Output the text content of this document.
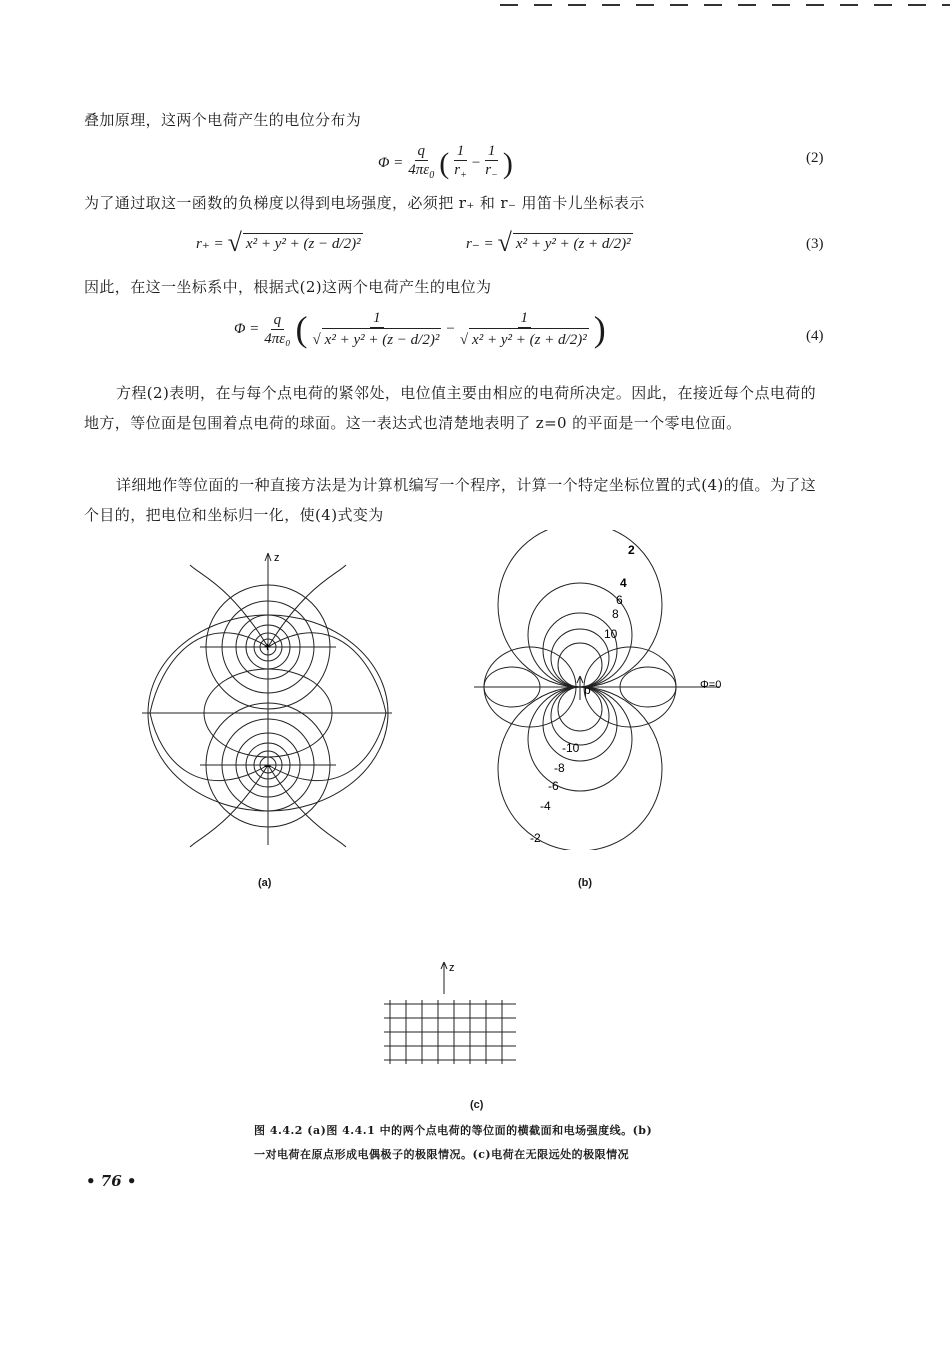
叠加原理，这两个电荷产生的电位分布为
$\Phi = \frac{q}{4\pi\varepsilon_0}$ ( $\frac{1}{r_+} - \frac{1}{r_-}$ )	(2)
为了通过取这一函数的负梯度以得到电场强度，必须把 r₊ 和 r₋ 用笛卡儿坐标表示
r₊ = √ x² + y² + (z − d/2)²	r₋ = √ x² + y² + (z + d/2)²	(3)
因此，在这一坐标系中，根据式(2)这两个电荷产生的电位为
$\Phi = \frac{q}{\text{4πε₀}}$ ( $\frac{1}{\text{√ x² + y² + (z − d/2)²}} - \frac{1}{\text{√ x² + y² + (z + d/2)²}}$ )	(4)
方程(2)表明，在与每个点电荷的紧邻处，电位值主要由相应的电荷所决定。因此，在接近每个点电荷的地方，等位面是包围着点电荷的球面。这一表达式也清楚地表明了 z=0 的平面是一个零电位面。
详细地作等位面的一种直接方法是为计算机编写一个程序，计算一个特定坐标位置的式(4)的值。为了这个目的，把电位和坐标归一化，使(4)式变为
z
+
−
(a)
2
4
6
8
10
-10
-8
-6
-4
-2
p	Φ=0
(b)
z
(c)
图 4.4.2 (a)图 4.4.1 中的两个点电荷的等位面的横截面和电场强度线。(b)
一对电荷在原点形成电偶极子的极限情况。(c)电荷在无限远处的极限情况
• 76 •
